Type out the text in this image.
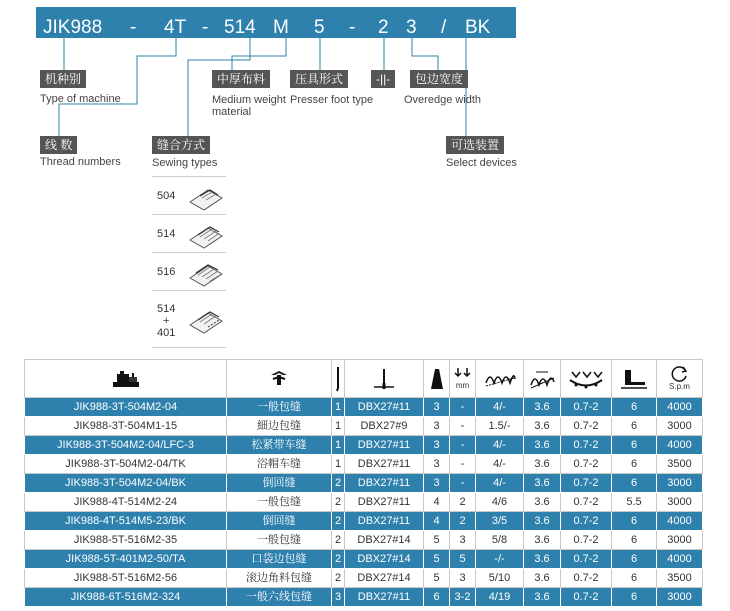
JIK988 - 4T - 514 M 5 - 2 3 / BK
机种别
Type of machine
中厚布料
Medium weight
material
压具形式
Presser foot type
-||-	包边宽度
Overedge width
线 数
Thread numbers
缝合方式
Sewing types
可选装置
Select devices
504
514
516
514
+
401

mm					S.p.m

JIK988-3T-504M2-04	一般包缝	1	DBX27#11	3	-	4/-	3.6	0.7-2	6	4000
JIK988-3T-504M1-15	細边包缝	1	DBX27#9	3	-	1.5/-	3.6	0.7-2	6	3000
JIK988-3T-504M2-04/LFC-3	松紧带车缝	1	DBX27#11	3	-	4/-	3.6	0.7-2	6	4000
JIK988-3T-504M2-04/TK	浴帽车缝	1	DBX27#11	3	-	4/-	3.6	0.7-2	6	3500
JIK988-3T-504M2-04/BK	倒回缝	2	DBX27#11	3	-	4/-	3.6	0.7-2	6	3000
JIK988-4T-514M2-24	一般包缝	2	DBX27#11	4	2	4/6	3.6	0.7-2	5.5	3000
JIK988-4T-514M5-23/BK	倒回缝	2	DBX27#11	4	2	3/5	3.6	0.7-2	6	4000
JIK988-5T-516M2-35	一般包缝	2	DBX27#14	5	3	5/8	3.6	0.7-2	6	3000
JIK988-5T-401M2-50/TA	口袋边包缝	2	DBX27#14	5	5	-/-	3.6	0.7-2	6	4000
JIK988-5T-516M2-56	滚边角料包缝	2	DBX27#14	5	3	5/10	3.6	0.7-2	6	3500
JIK988-6T-516M2-324	一般六线包缝	3	DBX27#11	6	3-2	4/19	3.6	0.7-2	6	3000
